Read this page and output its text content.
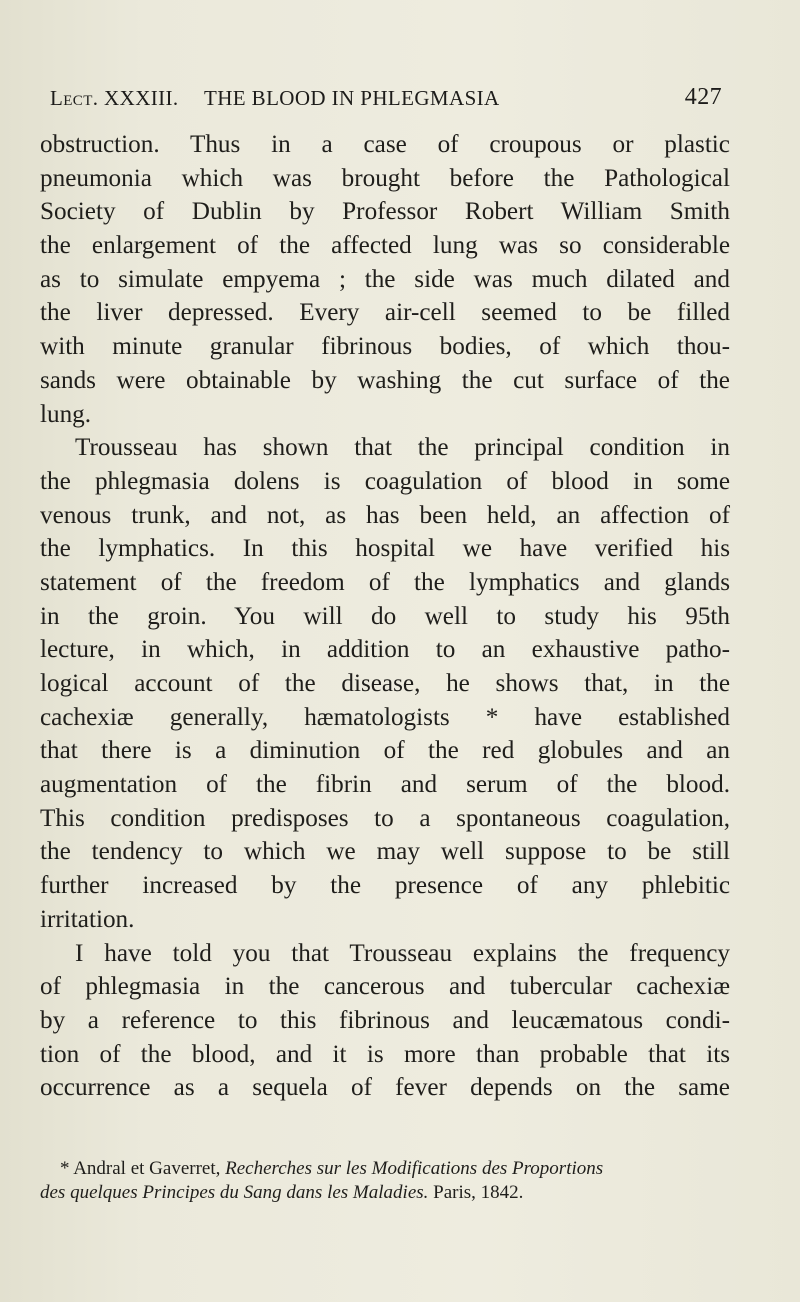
Lect. XXXIII. THE BLOOD IN PHLEGMASIA	427
obstruction. Thus in a case of croupous or plastic
pneumonia which was brought before the Pathological
Society of Dublin by Professor Robert William Smith
the enlargement of the affected lung was so considerable
as to simulate empyema ; the side was much dilated and
the liver depressed. Every air-cell seemed to be filled
with minute granular fibrinous bodies, of which thou-
sands were obtainable by washing the cut surface of the
lung.
Trousseau has shown that the principal condition in
the phlegmasia dolens is coagulation of blood in some
venous trunk, and not, as has been held, an affection of
the lymphatics. In this hospital we have verified his
statement of the freedom of the lymphatics and glands
in the groin. You will do well to study his 95th
lecture, in which, in addition to an exhaustive patho-
logical account of the disease, he shows that, in the
cachexiæ generally, hæmatologists * have established
that there is a diminution of the red globules and an
augmentation of the fibrin and serum of the blood.
This condition predisposes to a spontaneous coagulation,
the tendency to which we may well suppose to be still
further increased by the presence of any phlebitic
irritation.
I have told you that Trousseau explains the frequency
of phlegmasia in the cancerous and tubercular cachexiæ
by a reference to this fibrinous and leucæmatous condi-
tion of the blood, and it is more than probable that its
occurrence as a sequela of fever depends on the same
* Andral et Gaverret, Recherches sur les Modifications des Proportions
des quelques Principes du Sang dans les Maladies. Paris, 1842.
